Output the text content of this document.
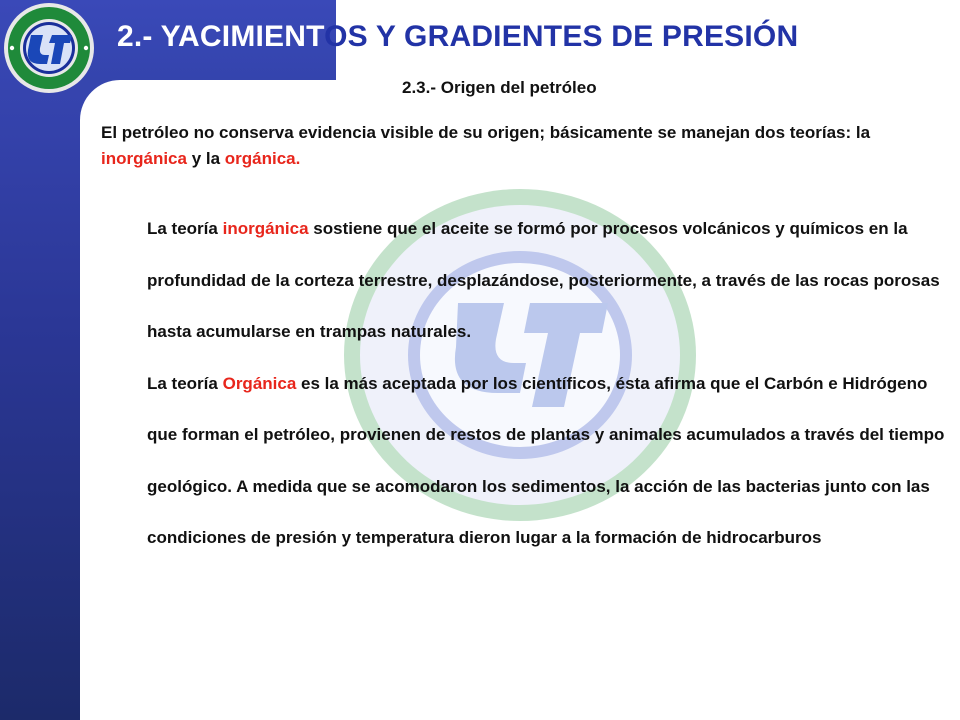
2.- YACIMIENTOS Y GRADIENTES DE PRESIÓN
2.3.- Origen del petróleo

El petróleo no conserva evidencia visible de su origen; básicamente se manejan dos teorías: la inorgánica y la orgánica.

La teoría inorgánica sostiene que el aceite se formó por procesos volcánicos y químicos en la profundidad de la corteza terrestre, desplazándose, posteriormente, a través de las rocas porosas hasta acumularse en trampas naturales.

La teoría Orgánica es la más aceptada por los científicos, ésta afirma que el Carbón e Hidrógeno que forman el petróleo, provienen de restos de plantas y animales acumulados a través del tiempo geológico. A medida que se acomodaron los sedimentos, la acción de las bacterias junto con las condiciones de presión y temperatura dieron lugar a la formación de hidrocarburos
